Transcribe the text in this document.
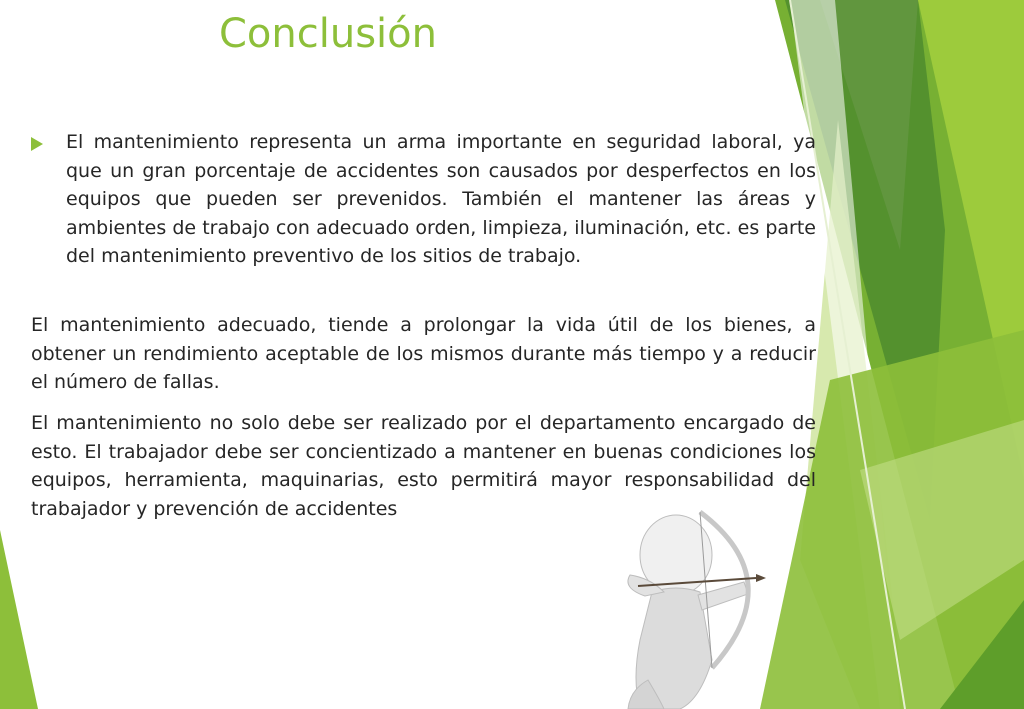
Conclusión

El mantenimiento representa un arma importante en seguridad laboral, ya que un gran porcentaje de accidentes son causados por desperfectos en los equipos que pueden ser prevenidos. También el mantener las áreas y ambientes de trabajo con adecuado orden, limpieza, iluminación, etc. es parte del mantenimiento preventivo de los sitios de trabajo.

El mantenimiento adecuado, tiende a prolongar la vida útil de los bienes, a obtener un rendimiento aceptable de los mismos durante más tiempo y a reducir el número de fallas.

El mantenimiento no solo debe ser realizado por el departamento encargado de esto. El trabajador debe ser concientizado a mantener en buenas condiciones los equipos, herramienta, maquinarias, esto permitirá mayor responsabilidad del trabajador y prevención de accidentes
